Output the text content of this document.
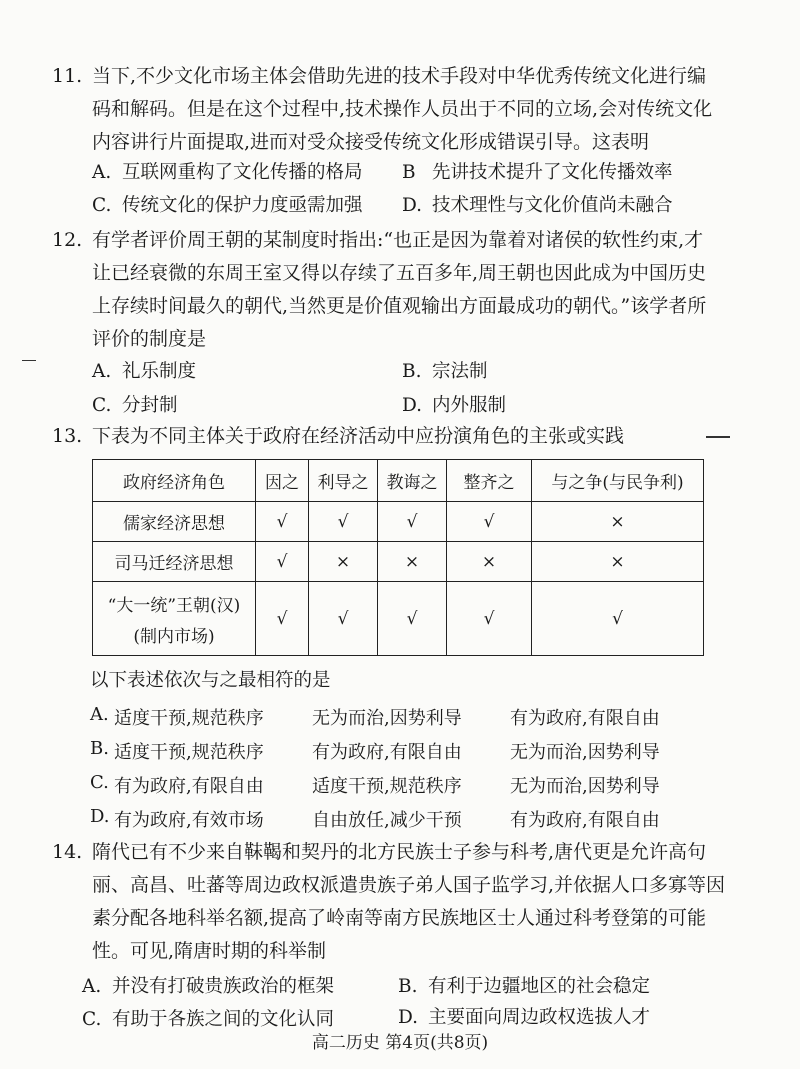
11. 当下,不少文化市场主体会借助先进的技术手段对中华优秀传统文化进行编
码和解码。但是在这个过程中,技术操作人员出于不同的立场,会对传统文化
内容讲行片面提取,进而对受众接受传统文化形成错误引导。这表明

A. 互联网重构了文化传播的格局 B 先讲技术提升了文化传播效率
C. 传统文化的保护力度亟需加强 D. 技术理性与文化价值尚未融合

12. 有学者评价周王朝的某制度时指出:“也正是因为靠着对诸侯的软性约束,才
让已经衰微的东周王室又得以存续了五百多年,周王朝也因此成为中国历史
上存续时间最久的朝代,当然更是价值观输出方面最成功的朝代。”该学者所
评价的制度是

A. 礼乐制度	B. 宗法制
C. 分封制	D. 内外服制

13. 下表为不同主体关于政府在经济活动中应扮演角色的主张或实践

政府经济角色	因之	利导之	教诲之	整齐之	与之争(与民争利)
儒家经济思想	√	√	√	√	×
司马迁经济思想	√	×	×	×	×

“大一统”王朝(汉)
(制内市场)	√	√	√	√	√
以下表述依次与之最相符的是
A. 适度干预,规范秩序	无为而治,因势利导	有为政府,有限自由
B. 适度干预,规范秩序	有为政府,有限自由	无为而治,因势利导
C. 有为政府,有限自由	适度干预,规范秩序	无为而治,因势利导
D. 有为政府,有效市场	自由放任,减少干预	有为政府,有限自由

14. 隋代已有不少来自靺鞨和契丹的北方民族士子参与科考,唐代更是允许高句
丽、高昌、吐蕃等周边政权派遣贵族子弟人国子监学习,并依据人口多寡等因
素分配各地科举名额,提高了岭南等南方民族地区士人通过科考登第的可能
性。可见,隋唐时期的科举制

A. 并没有打破贵族政治的框架	B. 有利于边疆地区的社会稳定
C. 有助于各族之间的文化认同	D. 主要面向周边政权选拔人才
高二历史 第4页(共8页)
